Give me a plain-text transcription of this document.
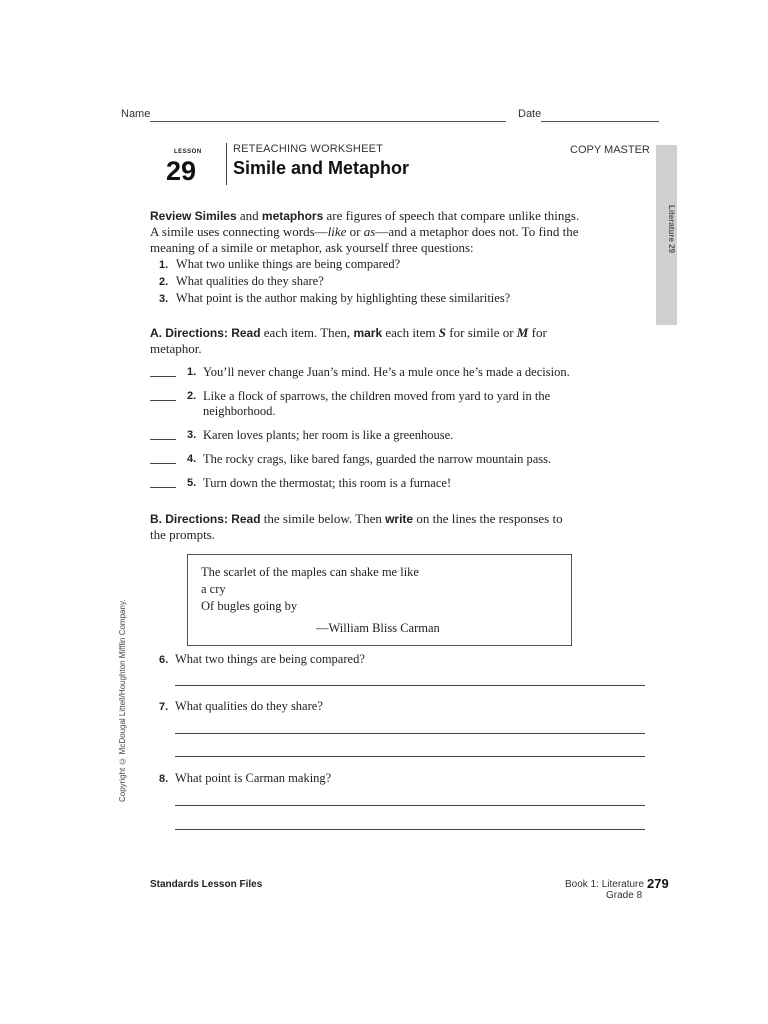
Name	Date
LESSON
29
RETEACHING WORKSHEET
Simile and Metaphor
COPY MASTER
Literature 29
Review Similes and metaphors are figures of speech that compare unlike things.
A simile uses connecting words—like or as—and a metaphor does not. To find the
meaning of a simile or metaphor, ask yourself three questions:
1. What two unlike things are being compared?
2. What qualities do they share?
3. What point is the author making by highlighting these similarities?
A. Directions: Read each item. Then, mark each item S for simile or M for
metaphor.
1. You’ll never change Juan’s mind. He’s a mule once he’s made a decision.
2. Like a flock of sparrows, the children moved from yard to yard in the
neighborhood.
3. Karen loves plants; her room is like a greenhouse.
4. The rocky crags, like bared fangs, guarded the narrow mountain pass.
5. Turn down the thermostat; this room is a furnace!
B. Directions: Read the simile below. Then write on the lines the responses to
the prompts.
The scarlet of the maples can shake me like
a cry
Of bugles going by
—William Bliss Carman
6. What two things are being compared?
7. What qualities do they share?
8. What point is Carman making?
Copyright © McDougal Littell/Houghton Mifflin Company.
Standards Lesson Files	Book 1: Literature
Grade 8
279
